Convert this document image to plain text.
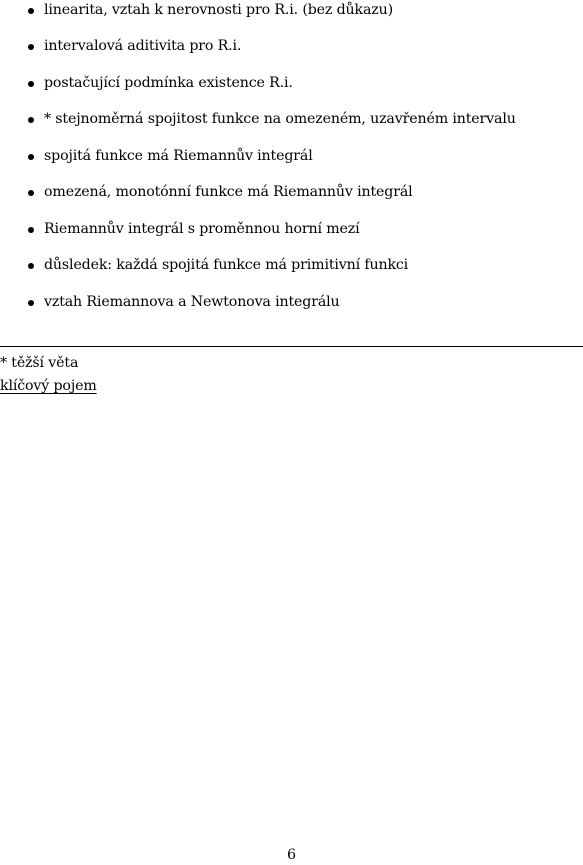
linearita, vztah k nerovnosti pro R.i. (bez důkazu)
intervalová aditivita pro R.i.
postačující podmínka existence R.i.
* stejnoměrná spojitost funkce na omezeném, uzavřeném intervalu
spojitá funkce má Riemannův integrál
omezená, monotónní funkce má Riemannův integrál
Riemannův integrál s proměnnou horní mezí
důsledek: každá spojitá funkce má primitivní funkci
vztah Riemannova a Newtonova integrálu
* těžší věta
klíčový pojem
6
